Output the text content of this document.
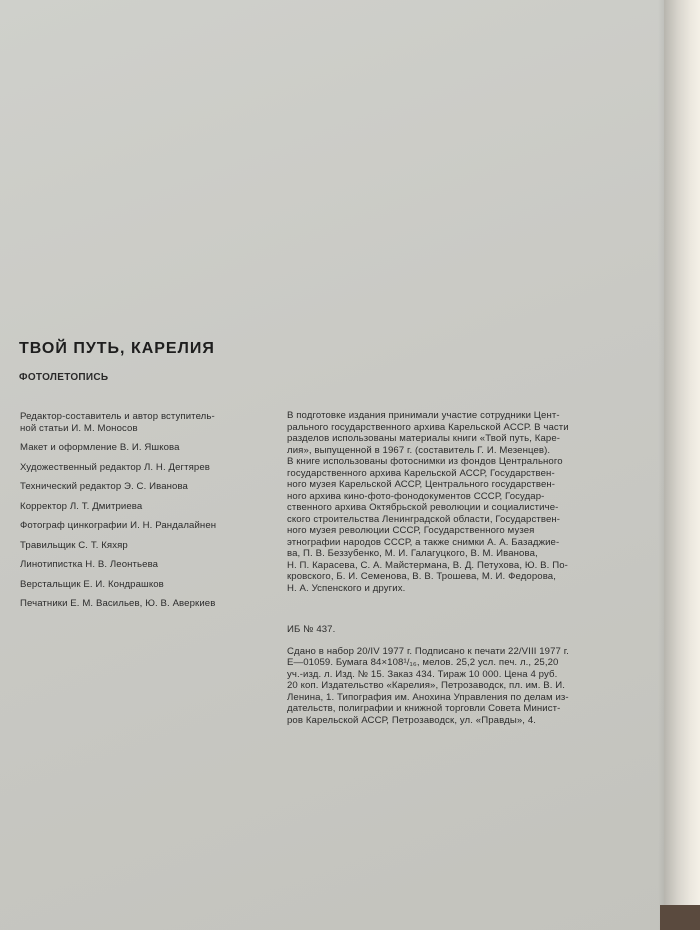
ТВОЙ ПУТЬ, КАРЕЛИЯ

ФОТОЛЕТОПИСЬ

Редактор-составитель и автор вступитель-
ной статьи И. М. Моносов

Макет и оформление В. И. Яшкова

Художественный редактор Л. Н. Дегтярев

Технический редактор Э. С. Иванова

Корректор Л. Т. Дмитриева

Фотограф цинкографии И. Н. Рандалайнен

Травильщик С. Т. Кяхяр

Линотипистка Н. В. Леонтьева

Верстальщик Е. И. Кондрашков

Печатники Е. М. Васильев, Ю. В. Аверкиев

В подготовке издания принимали участие сотрудники Цент-
рального государственного архива Карельской АССР. В части
разделов использованы материалы книги «Твой путь, Каре-
лия», выпущенной в 1967 г. (составитель Г. И. Мезенцев).
В книге использованы фотоснимки из фондов Центрального
государственного архива Карельской АССР, Государствен-
ного музея Карельской АССР, Центрального государствен-
ного архива кино-фото-фонодокументов СССР, Государ-
ственного архива Октябрьской революции и социалистиче-
ского строительства Ленинградской области, Государствен-
ного музея революции СССР, Государственного музея
этнографии народов СССР, а также снимки А. А. Базаджие-
ва, П. В. Беззубенко, М. И. Галагуцкого, В. М. Иванова,
Н. П. Карасева, С. А. Майстермана, В. Д. Петухова, Ю. В. По-
кровского, Б. И. Семенова, В. В. Трошева, М. И. Федорова,
Н. А. Успенского и других.

ИБ № 437.

Сдано в набор 20/IV 1977 г. Подписано к печати 22/VIII 1977 г.
Е—01059. Бумага 84×108¹/₁₆, мелов. 25,2 усл. печ. л., 25,20
уч.-изд. л. Изд. № 15. Заказ 434. Тираж 10 000. Цена 4 руб.
20 коп. Издательство «Карелия», Петрозаводск, пл. им. В. И.
Ленина, 1. Типография им. Анохина Управления по делам из-
дательств, полиграфии и книжной торговли Совета Минист-
ров Карельской АССР, Петрозаводск, ул. «Правды», 4.
